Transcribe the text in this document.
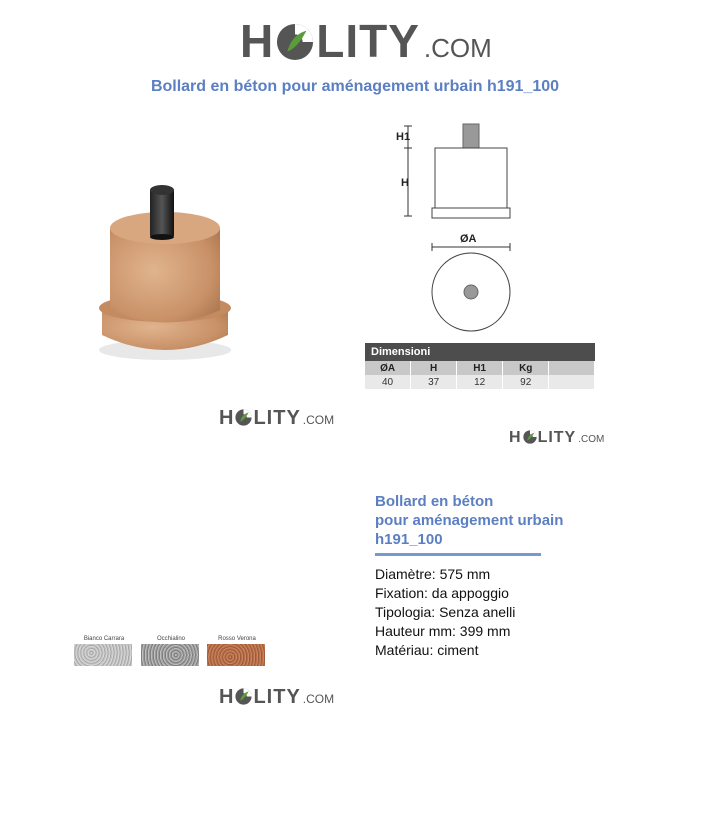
H LITY .COM
Bollard en béton pour aménagement urbain h191_100
H LITY .COM
H1
H
ØA
Dimensioni				
ØA	H	H1	Kg	
40	37	12	92	
H LITY .COM
Bianco Carrara	Occhialino	Rosso Verona
H LITY .COM
Bollard en béton
pour aménagement urbain
h191_100
Diamètre: 575 mm
Fixation: da appoggio
Tipologia: Senza anelli
Hauteur mm: 399 mm
Matériau: ciment
